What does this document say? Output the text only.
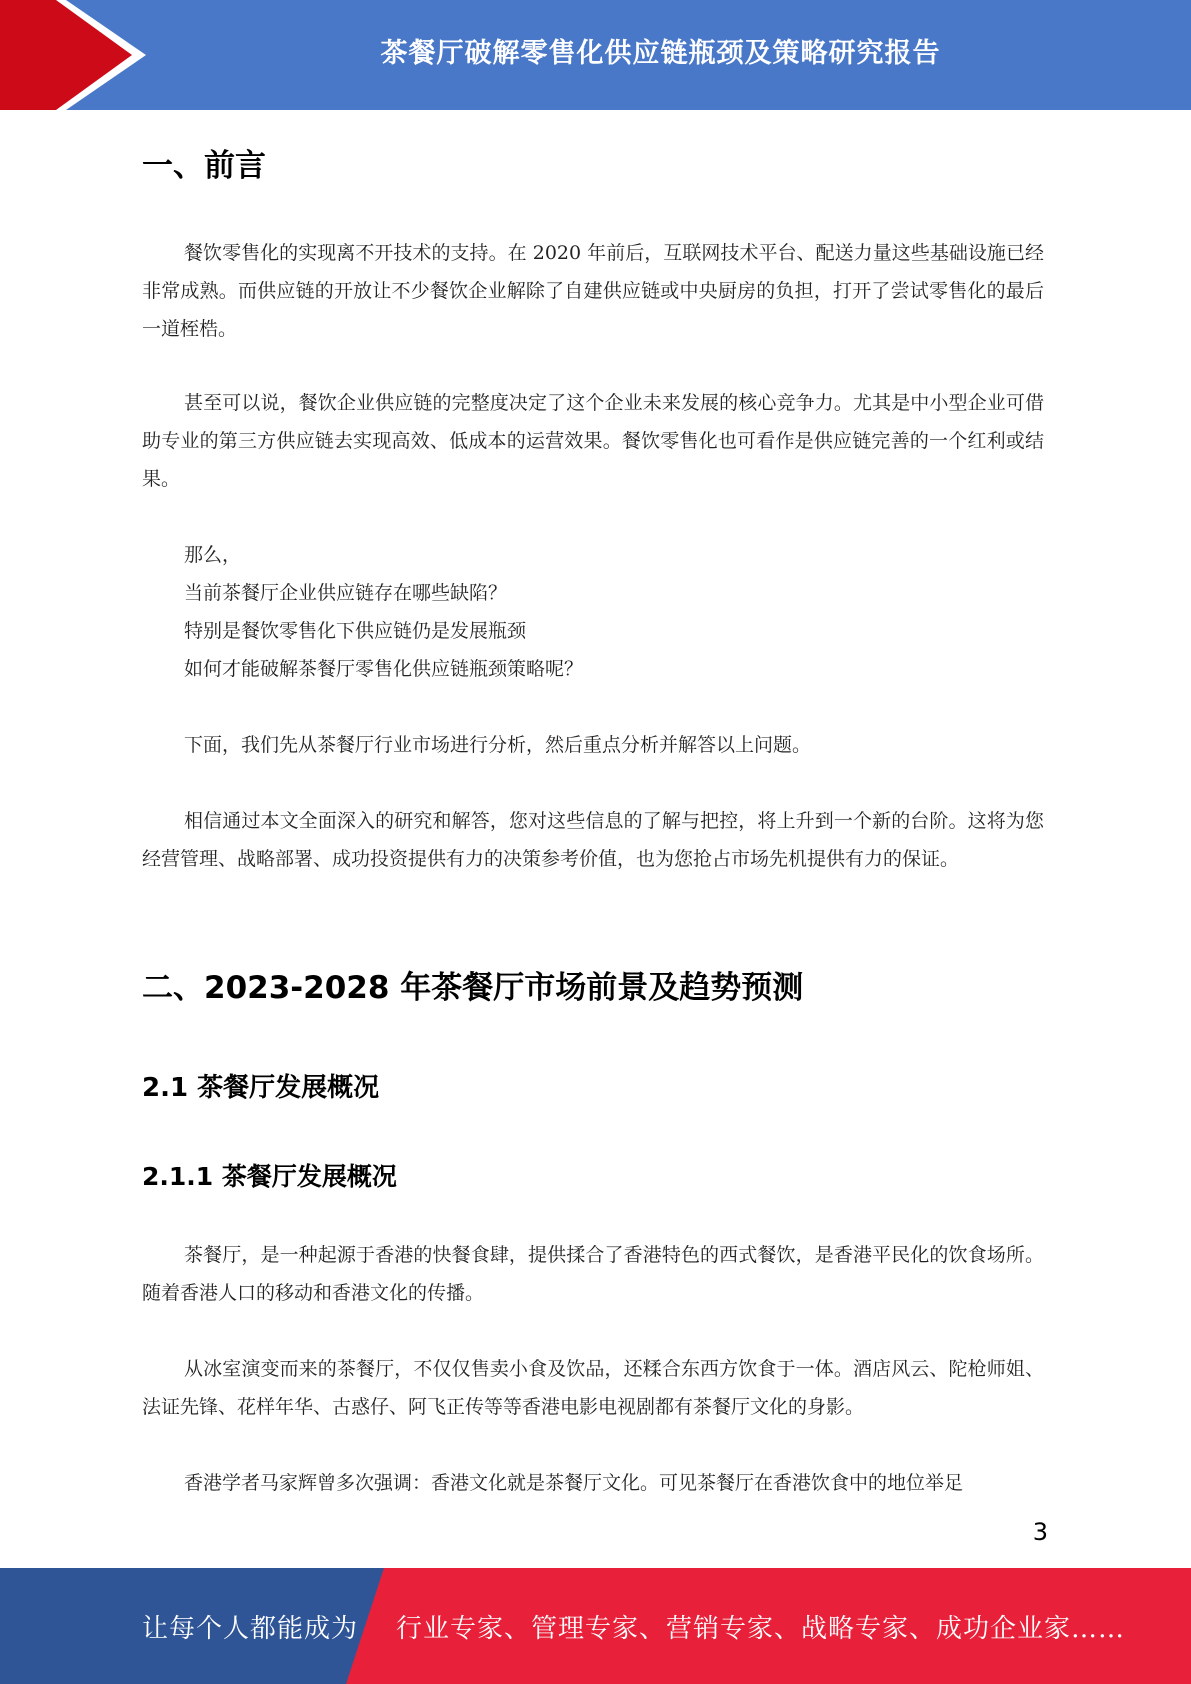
茶餐厅破解零售化供应链瓶颈及策略研究报告
一、前言

餐饮零售化的实现离不开技术的支持。在 2020 年前后，互联网技术平台、配送力量这些基础设施已经非常成熟。而供应链的开放让不少餐饮企业解除了自建供应链或中央厨房的负担，打开了尝试零售化的最后一道桎梏。

甚至可以说，餐饮企业供应链的完整度决定了这个企业未来发展的核心竞争力。尤其是中小型企业可借助专业的第三方供应链去实现高效、低成本的运营效果。餐饮零售化也可看作是供应链完善的一个红利或结果。

那么，

当前茶餐厅企业供应链存在哪些缺陷？

特别是餐饮零售化下供应链仍是发展瓶颈

如何才能破解茶餐厅零售化供应链瓶颈策略呢？

下面，我们先从茶餐厅行业市场进行分析，然后重点分析并解答以上问题。

相信通过本文全面深入的研究和解答，您对这些信息的了解与把控，将上升到一个新的台阶。这将为您经营管理、战略部署、成功投资提供有力的决策参考价值，也为您抢占市场先机提供有力的保证。

二、2023-2028 年茶餐厅市场前景及趋势预测
2.1 茶餐厅发展概况
2.1.1 茶餐厅发展概况

茶餐厅，是一种起源于香港的快餐食肆，提供揉合了香港特色的西式餐饮，是香港平民化的饮食场所。随着香港人口的移动和香港文化的传播。

从冰室演变而来的茶餐厅，不仅仅售卖小食及饮品，还糅合东西方饮食于一体。酒店风云、陀枪师姐、法证先锋、花样年华、古惑仔、阿飞正传等等香港电影电视剧都有茶餐厅文化的身影。

香港学者马家辉曾多次强调：香港文化就是茶餐厅文化。可见茶餐厅在香港饮食中的地位举足

3
让每个人都能成为 行业专家、管理专家、营销专家、战略专家、成功企业家……
